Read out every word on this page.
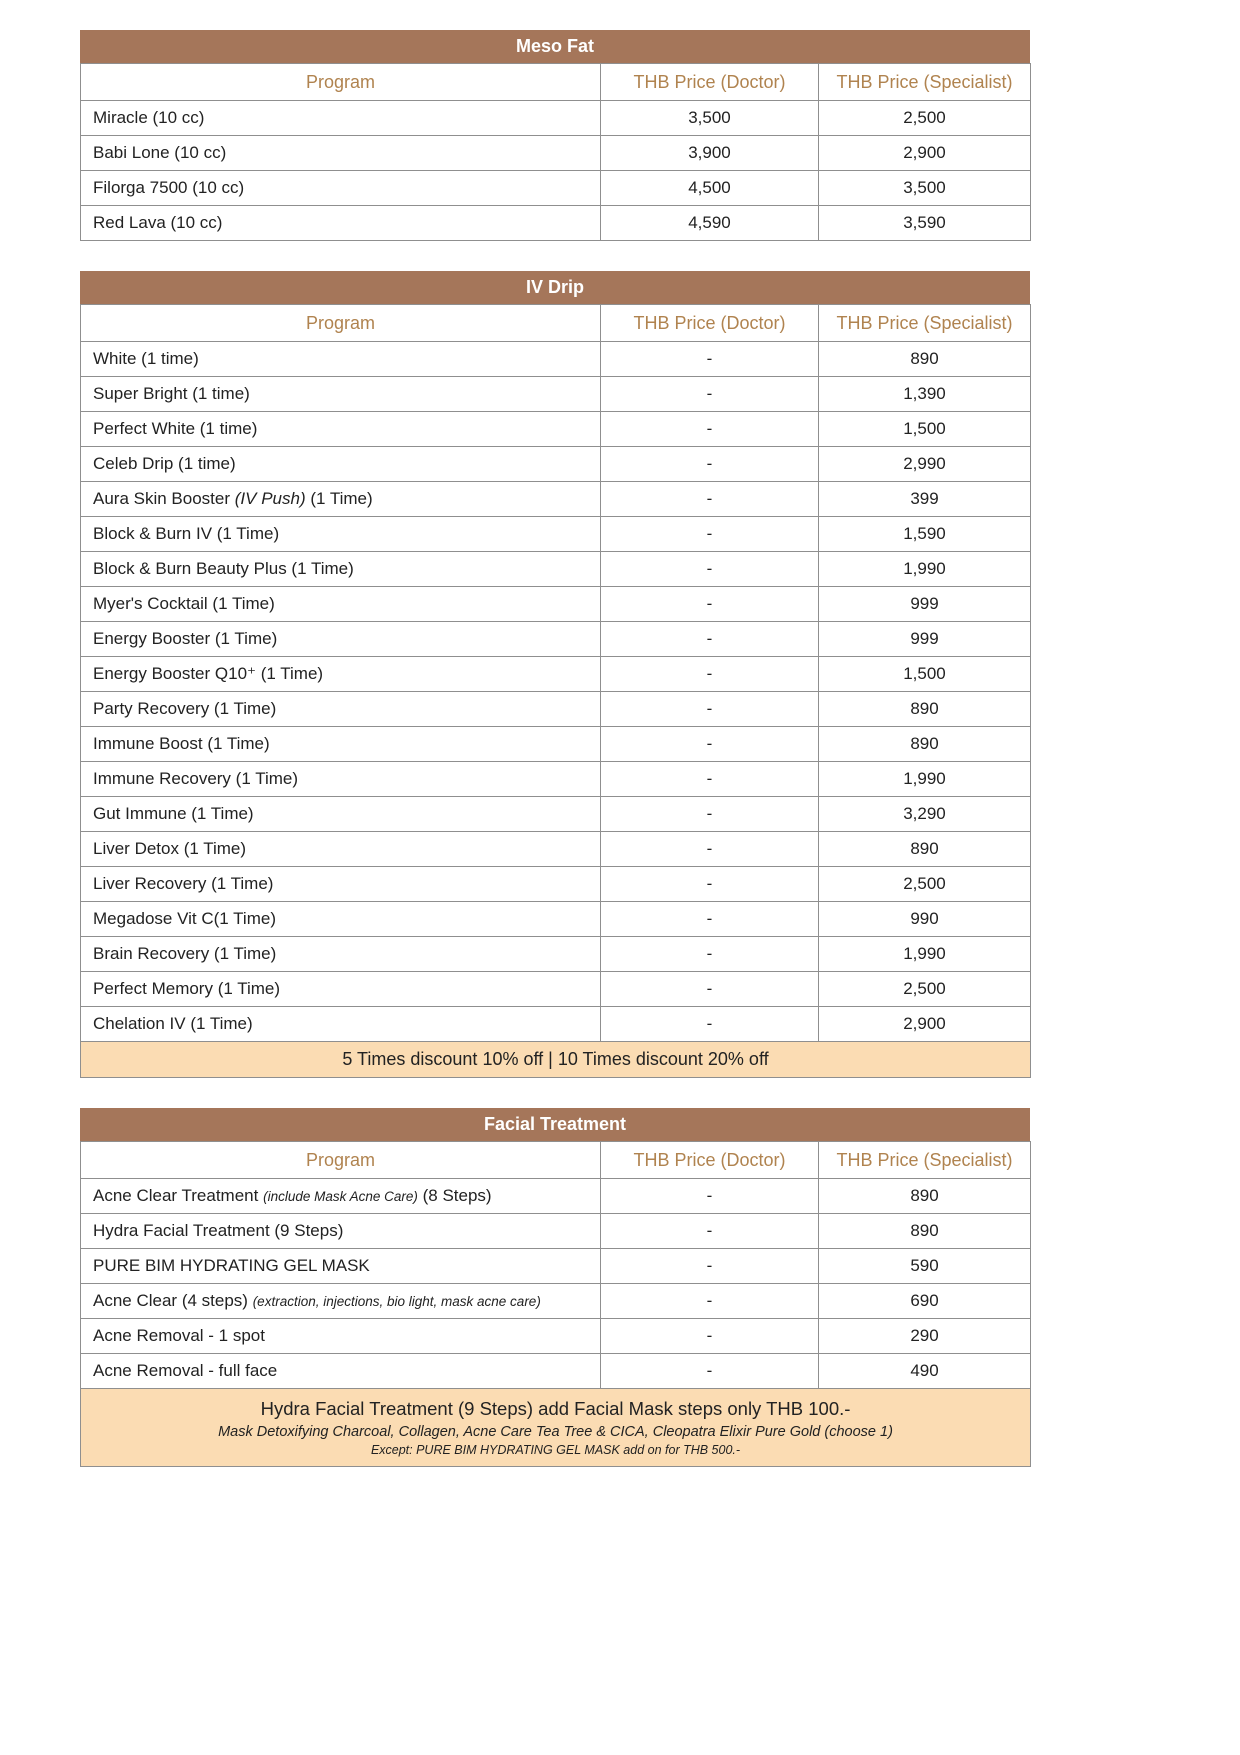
Meso Fat
Program	THB Price (Doctor)	THB Price (Specialist)
Miracle (10 cc)	3,500	2,500
Babi Lone (10 cc)	3,900	2,900
Filorga 7500 (10 cc)	4,500	3,500
Red Lava (10 cc)	4,590	3,590
IV Drip
Program	THB Price (Doctor)	THB Price (Specialist)
White (1 time)	-	890
Super Bright (1 time)	-	1,390
Perfect White (1 time)	-	1,500
Celeb Drip (1 time)	-	2,990
Aura Skin Booster (IV Push) (1 Time)	-	399
Block & Burn IV (1 Time)	-	1,590
Block & Burn Beauty Plus (1 Time)	-	1,990
Myer's Cocktail (1 Time)	-	999
Energy Booster (1 Time)	-	999
Energy Booster Q10⁺ (1 Time)	-	1,500
Party Recovery (1 Time)	-	890
Immune Boost (1 Time)	-	890
Immune Recovery (1 Time)	-	1,990
Gut Immune (1 Time)	-	3,290
Liver Detox (1 Time)	-	890
Liver Recovery (1 Time)	-	2,500
Megadose Vit C(1 Time)	-	990
Brain Recovery (1 Time)	-	1,990
Perfect Memory (1 Time)	-	2,500
Chelation IV (1 Time)	-	2,900
5 Times discount 10% off | 10 Times discount 20% off		
Facial Treatment
Program	THB Price (Doctor)	THB Price (Specialist)
Acne Clear Treatment (include Mask Acne Care) (8 Steps)	-	890
Hydra Facial Treatment (9 Steps)	-	890
PURE BIM HYDRATING GEL MASK	-	590
Acne Clear (4 steps) (extraction, injections, bio light, mask acne care)	-	690
Acne Removal - 1 spot	-	290
Acne Removal - full face	-	490

Hydra Facial Treatment (9 Steps) add Facial Mask steps only THB 100.-
Mask Detoxifying Charcoal, Collagen, Acne Care Tea Tree & CICA, Cleopatra Elixir Pure Gold (choose 1)
Except: PURE BIM HYDRATING GEL MASK add on for THB 500.-		
